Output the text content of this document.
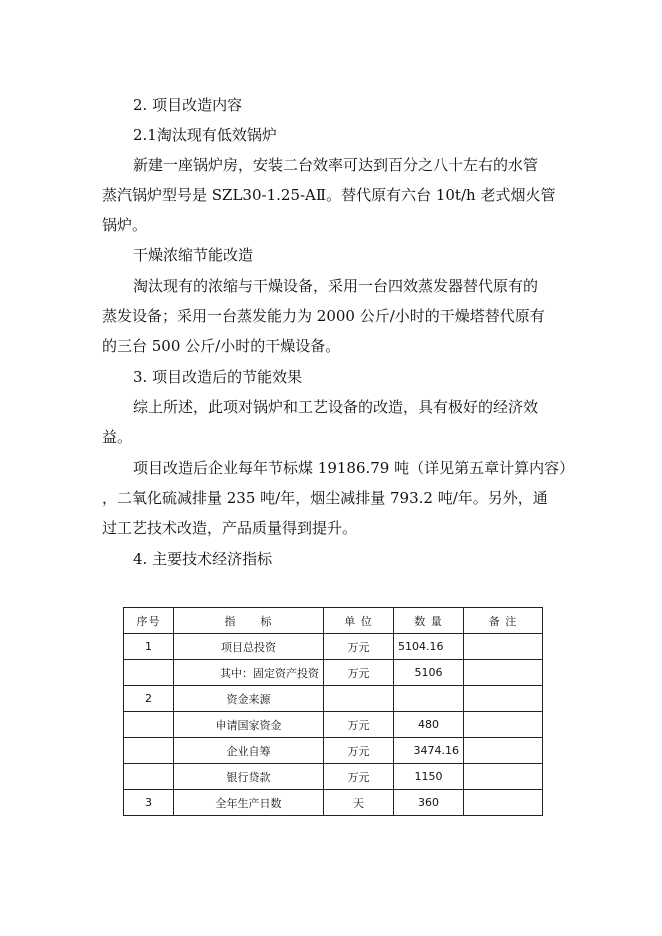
2. 项目改造内容
2.1淘汰现有低效锅炉
新建一座锅炉房，安装二台效率可达到百分之八十左右的水管
蒸汽锅炉型号是 SZL30-1.25-AⅡ。替代原有六台 10t/h 老式烟火管
锅炉。
干燥浓缩节能改造
淘汰现有的浓缩与干燥设备，采用一台四效蒸发器替代原有的
蒸发设备；采用一台蒸发能力为 2000 公斤/小时的干燥塔替代原有
的三台 500 公斤/小时的干燥设备。
3. 项目改造后的节能效果
综上所述，此项对锅炉和工艺设备的改造，具有极好的经济效
益。
项目改造后企业每年节标煤 19186.79 吨（详见第五章计算内容）
，二氧化硫减排量 235 吨/年，烟尘减排量 793.2 吨/年。另外，通
过工艺技术改造，产品质量得到提升。
4. 主要技术经济指标
序号	指　　标	单 位	数 量	备 注
1	项目总投资	万元	5104.16	
	其中：固定资产投资	万元	5106	
2	资金来源			
	申请国家资金	万元	480	
	企业自筹	万元	3474.16	
	银行贷款	万元	1150	
3	全年生产日数	天	360	
